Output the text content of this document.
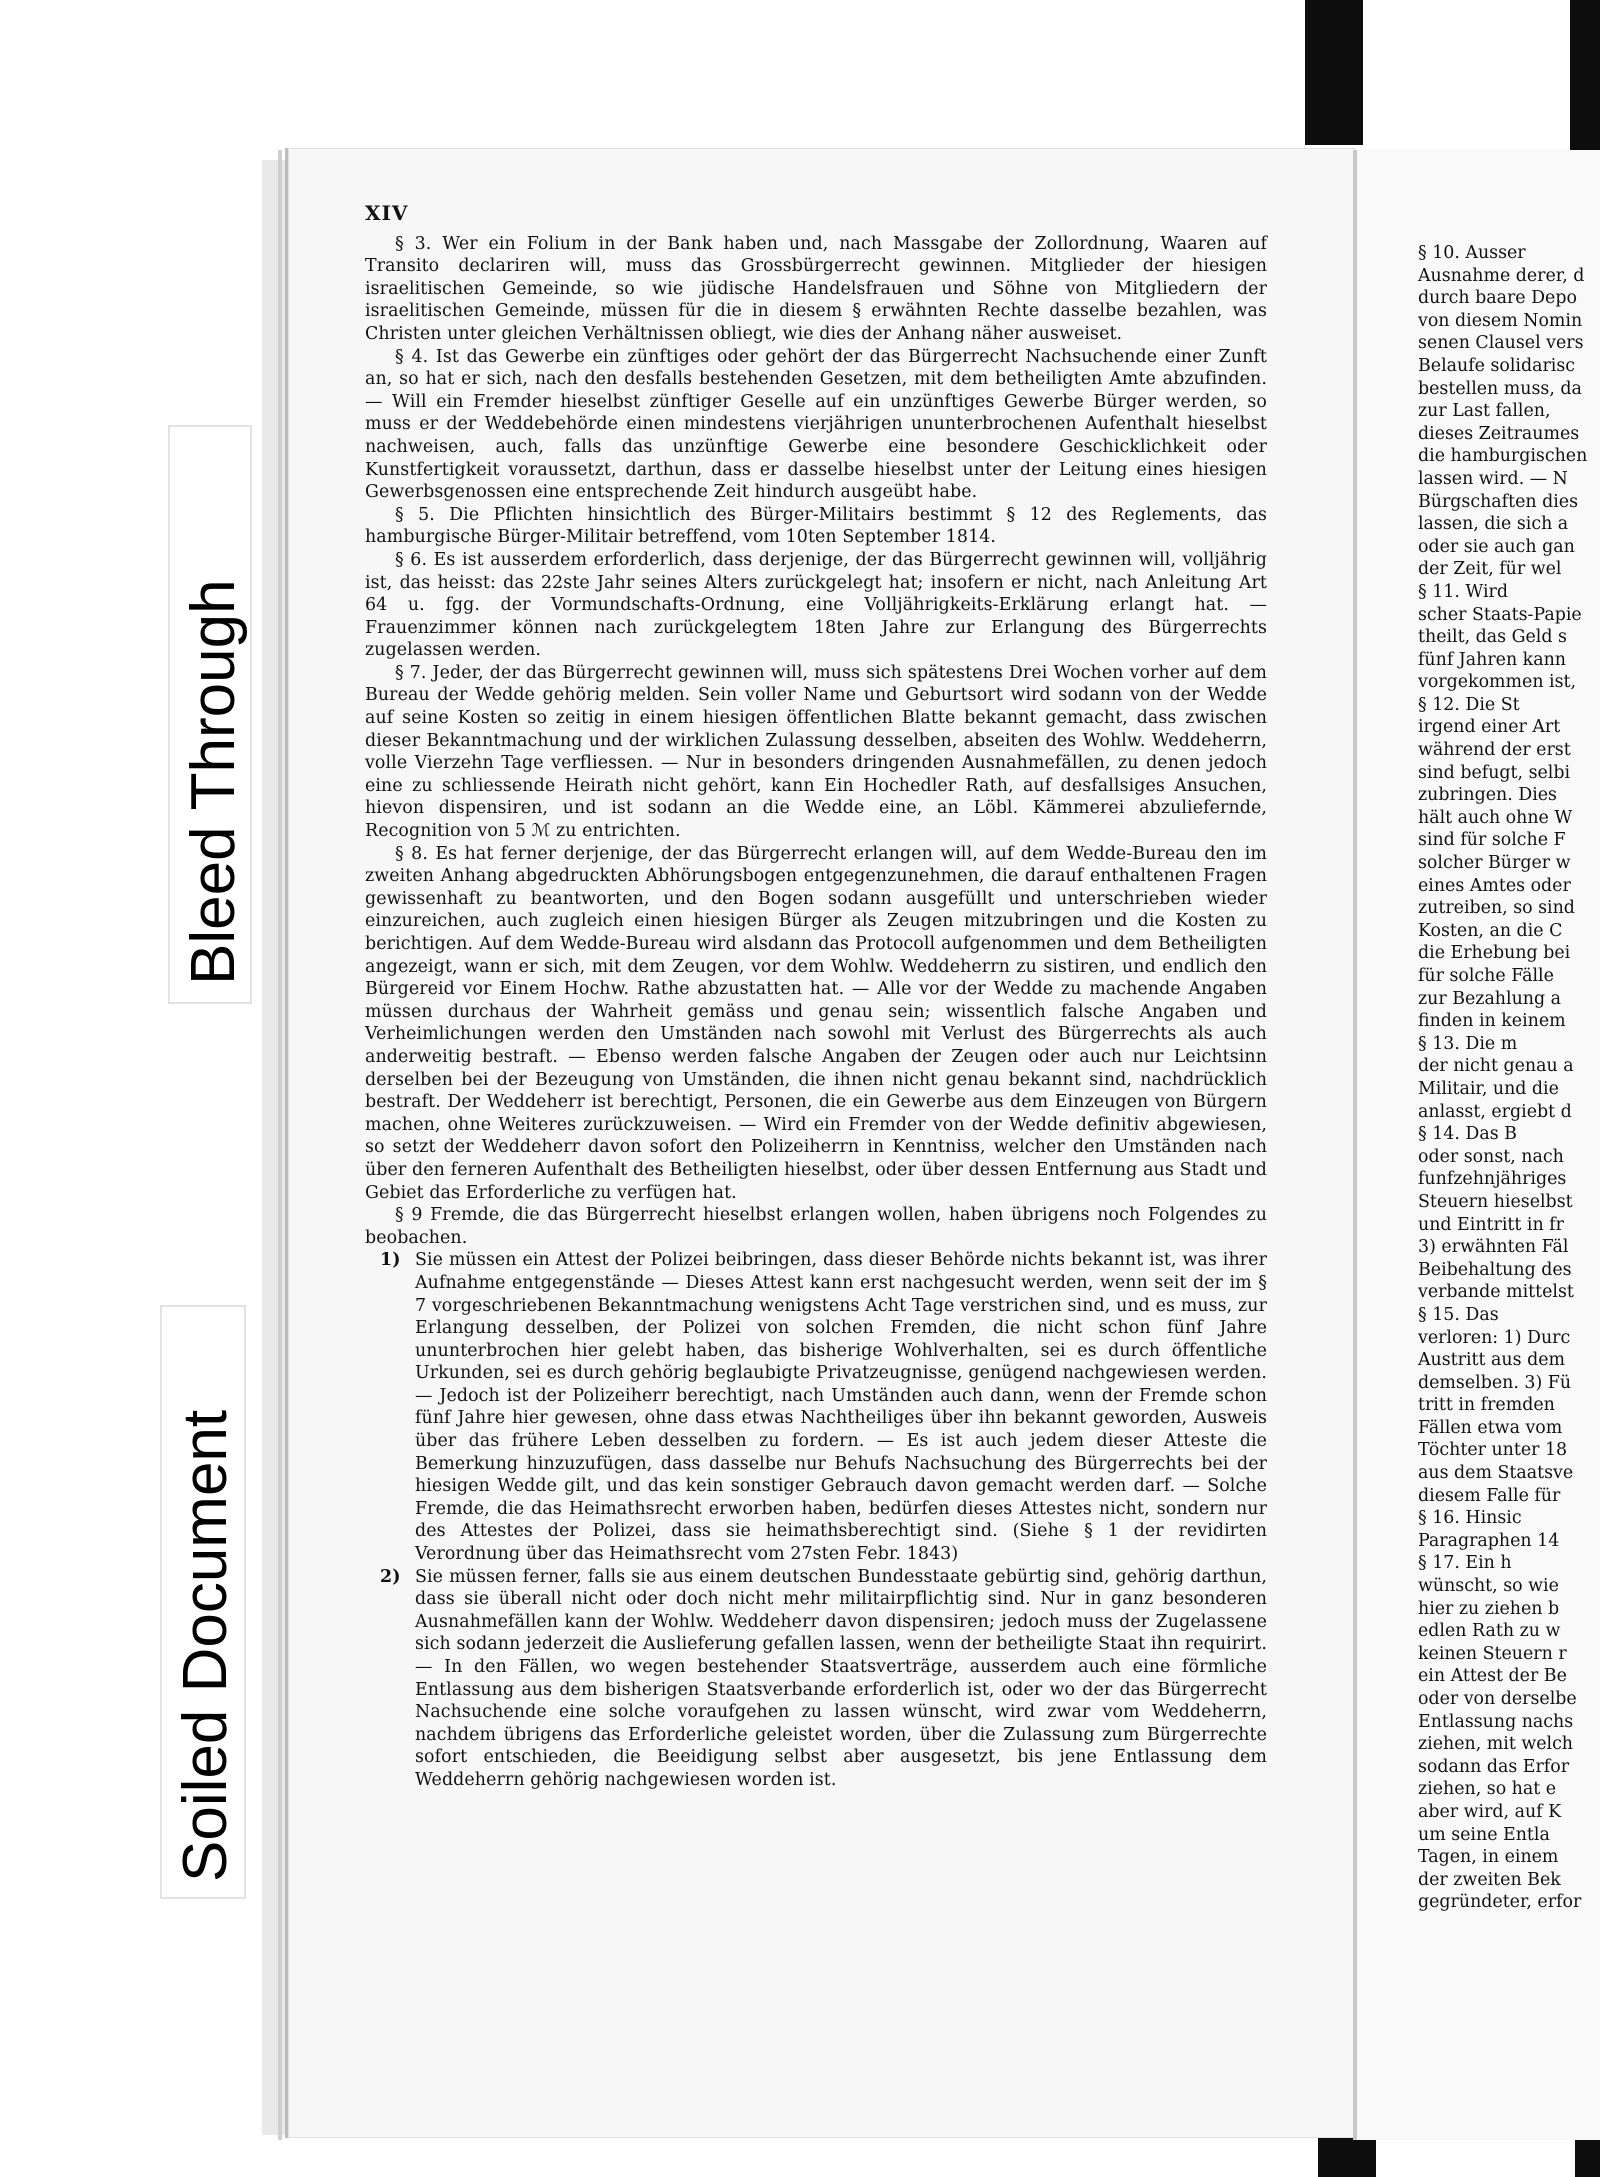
Bleed Through
Soiled Document
XIV

§ 3. Wer ein Folium in der Bank haben und, nach Massgabe der Zollordnung, Waaren auf Transito declariren will, muss das Grossbürgerrecht gewinnen. Mitglieder der hiesigen israelitischen Gemeinde, so wie jüdische Handelsfrauen und Söhne von Mitgliedern der israelitischen Gemeinde, müssen für die in diesem § erwähnten Rechte dasselbe bezahlen, was Christen unter gleichen Verhältnissen obliegt, wie dies der Anhang näher ausweiset.

§ 4. Ist das Gewerbe ein zünftiges oder gehört der das Bürgerrecht Nachsuchende einer Zunft an, so hat er sich, nach den desfalls bestehenden Gesetzen, mit dem betheiligten Amte abzufinden. — Will ein Fremder hieselbst zünftiger Geselle auf ein unzünftiges Gewerbe Bürger werden, so muss er der Weddebehörde einen mindestens vierjährigen ununterbrochenen Aufenthalt hieselbst nachweisen, auch, falls das unzünftige Gewerbe eine besondere Geschicklichkeit oder Kunstfertigkeit voraussetzt, darthun, dass er dasselbe hieselbst unter der Leitung eines hiesigen Gewerbsgenossen eine entsprechende Zeit hindurch ausgeübt habe.

§ 5. Die Pflichten hinsichtlich des Bürger-Militairs bestimmt § 12 des Reglements, das hamburgische Bürger-Militair betreffend, vom 10ten September 1814.

§ 6. Es ist ausserdem erforderlich, dass derjenige, der das Bürgerrecht gewinnen will, volljährig ist, das heisst: das 22ste Jahr seines Alters zurückgelegt hat; insofern er nicht, nach Anleitung Art 64 u. fgg. der Vormundschafts-Ordnung, eine Volljährigkeits-Erklärung erlangt hat. — Frauenzimmer können nach zurückgelegtem 18ten Jahre zur Erlangung des Bürgerrechts zugelassen werden.

§ 7. Jeder, der das Bürgerrecht gewinnen will, muss sich spätestens Drei Wochen vorher auf dem Bureau der Wedde gehörig melden. Sein voller Name und Geburtsort wird sodann von der Wedde auf seine Kosten so zeitig in einem hiesigen öffentlichen Blatte bekannt gemacht, dass zwischen dieser Bekanntmachung und der wirklichen Zulassung desselben, abseiten des Wohlw. Weddeherrn, volle Vierzehn Tage verfliessen. — Nur in besonders dringenden Ausnahmefällen, zu denen jedoch eine zu schliessende Heirath nicht gehört, kann Ein Hochedler Rath, auf desfallsiges Ansuchen, hievon dispensiren, und ist sodann an die Wedde eine, an Löbl. Kämmerei abzuliefernde, Recognition von 5 ℳ zu entrichten.

§ 8. Es hat ferner derjenige, der das Bürgerrecht erlangen will, auf dem Wedde-Bureau den im zweiten Anhang abgedruckten Abhörungsbogen entgegenzunehmen, die darauf enthaltenen Fragen gewissenhaft zu beantworten, und den Bogen sodann ausgefüllt und unterschrieben wieder einzureichen, auch zugleich einen hiesigen Bürger als Zeugen mitzubringen und die Kosten zu berichtigen. Auf dem Wedde-Bureau wird alsdann das Protocoll aufgenommen und dem Betheiligten angezeigt, wann er sich, mit dem Zeugen, vor dem Wohlw. Weddeherrn zu sistiren, und endlich den Bürgereid vor Einem Hochw. Rathe abzustatten hat. — Alle vor der Wedde zu machende Angaben müssen durchaus der Wahrheit gemäss und genau sein; wissentlich falsche Angaben und Verheimlichungen werden den Umständen nach sowohl mit Verlust des Bürgerrechts als auch anderweitig bestraft. — Ebenso werden falsche Angaben der Zeugen oder auch nur Leichtsinn derselben bei der Bezeugung von Umständen, die ihnen nicht genau bekannt sind, nachdrücklich bestraft. Der Weddeherr ist berechtigt, Personen, die ein Gewerbe aus dem Einzeugen von Bürgern machen, ohne Weiteres zurückzuweisen. — Wird ein Fremder von der Wedde definitiv abgewiesen, so setzt der Weddeherr davon sofort den Polizeiherrn in Kenntniss, welcher den Umständen nach über den ferneren Aufenthalt des Betheiligten hieselbst, oder über dessen Entfernung aus Stadt und Gebiet das Erforderliche zu verfügen hat.

§ 9 Fremde, die das Bürgerrecht hieselbst erlangen wollen, haben übrigens noch Folgendes zu beobachen.

1) Sie müssen ein Attest der Polizei beibringen, dass dieser Behörde nichts bekannt ist, was ihrer Aufnahme entgegenstände — Dieses Attest kann erst nachgesucht werden, wenn seit der im § 7 vorgeschriebenen Bekanntmachung wenigstens Acht Tage verstrichen sind, und es muss, zur Erlangung desselben, der Polizei von solchen Fremden, die nicht schon fünf Jahre ununterbrochen hier gelebt haben, das bisherige Wohlverhalten, sei es durch öffentliche Urkunden, sei es durch gehörig beglaubigte Privatzeugnisse, genügend nachgewiesen werden. — Jedoch ist der Polizeiherr berechtigt, nach Umständen auch dann, wenn der Fremde schon fünf Jahre hier gewesen, ohne dass etwas Nachtheiliges über ihn bekannt geworden, Ausweis über das frühere Leben desselben zu fordern. — Es ist auch jedem dieser Atteste die Bemerkung hinzuzufügen, dass dasselbe nur Behufs Nachsuchung des Bürgerrechts bei der hiesigen Wedde gilt, und das kein sonstiger Gebrauch davon gemacht werden darf. — Solche Fremde, die das Heimathsrecht erworben haben, bedürfen dieses Attestes nicht, sondern nur des Attestes der Polizei, dass sie heimathsberechtigt sind. (Siehe § 1 der revidirten Verordnung über das Heimathsrecht vom 27sten Febr. 1843)
2) Sie müssen ferner, falls sie aus einem deutschen Bundesstaate gebürtig sind, gehörig darthun, dass sie überall nicht oder doch nicht mehr militairpflichtig sind. Nur in ganz besonderen Ausnahmefällen kann der Wohlw. Weddeherr davon dispensiren; jedoch muss der Zugelassene sich sodann jederzeit die Auslieferung gefallen lassen, wenn der betheiligte Staat ihn requirirt. — In den Fällen, wo wegen bestehender Staatsverträge, ausserdem auch eine förmliche Entlassung aus dem bisherigen Staatsverbande erforderlich ist, oder wo der das Bürgerrecht Nachsuchende eine solche voraufgehen zu lassen wünscht, wird zwar vom Weddeherrn, nachdem übrigens das Erforderliche geleistet worden, über die Zulassung zum Bürgerrechte sofort entschieden, die Beeidigung selbst aber ausgesetzt, bis jene Entlassung dem Weddeherrn gehörig nachgewiesen worden ist.
§ 10. Ausser
Ausnahme derer, d
durch baare Depo
von diesem Nomin
senen Clausel vers
Belaufe solidarisc
bestellen muss, da
zur Last fallen,
dieses Zeitraumes
die hamburgischen
lassen wird. — N
Bürgschaften dies
lassen, die sich a
oder sie auch gan
der Zeit, für wel
§ 11. Wird
scher Staats-Papie
theilt, das Geld s
fünf Jahren kann
vorgekommen ist,
§ 12. Die St
irgend einer Art
während der erst
sind befugt, selbi
zubringen. Dies
hält auch ohne W
sind für solche F
solcher Bürger w
eines Amtes oder
zutreiben, so sind
Kosten, an die C
die Erhebung bei
für solche Fälle
zur Bezahlung a
finden in keinem
§ 13. Die m
der nicht genau a
Militair, und die
anlasst, ergiebt d
§ 14. Das B
oder sonst, nach
funfzehnjähriges
Steuern hieselbst
und Eintritt in fr
3) erwähnten Fäl
Beibehaltung des
verbande mittelst
§ 15. Das
verloren: 1) Durc
Austritt aus dem
demselben. 3) Fü
tritt in fremden
Fällen etwa vom
Töchter unter 18
aus dem Staatsve
diesem Falle für
§ 16. Hinsic
Paragraphen 14
§ 17. Ein h
wünscht, so wie
hier zu ziehen b
edlen Rath zu w
keinen Steuern r
ein Attest der Be
oder von derselbe
Entlassung nachs
ziehen, mit welch
sodann das Erfor
ziehen, so hat e
aber wird, auf K
um seine Entla
Tagen, in einem
der zweiten Bek
gegründeter, erfor
